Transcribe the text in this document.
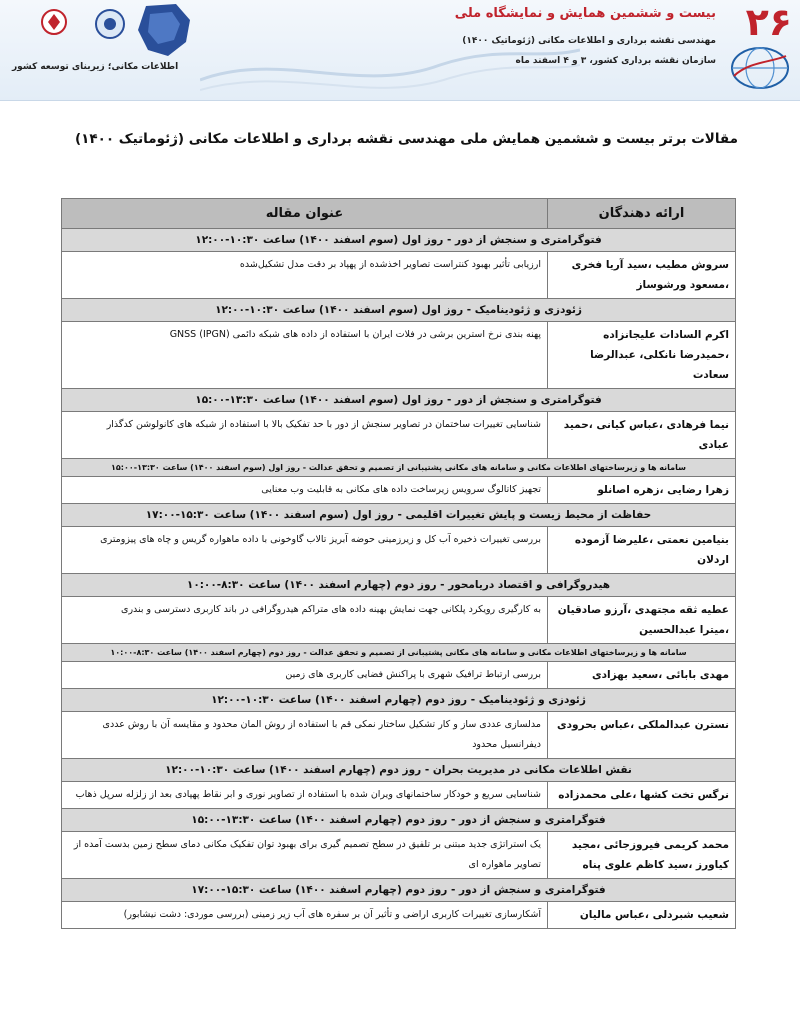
۲۶
بیست و ششمین همایش و نمایشگاه ملی
مهندسی نقشه برداری و اطلاعات مکانی (ژئوماتیک ۱۴۰۰)
سازمان نقشه برداری کشور، ۳ و ۴ اسفند ماه
اطلاعات مکانی؛ زیربنای توسعه کشور
مقالات برتر بیست و ششمین همایش ملی مهندسی نقشه برداری و اطلاعات مکانی (ژئوماتیک ۱۴۰۰)
ارائه دهندگان	عنوان مقاله
فتوگرامتری و سنجش از دور - روز اول (سوم اسفند ۱۴۰۰) ساعت ۱۰:۳۰-۱۲:۰۰	
سروش مطیب ،سید آریا فخری ،مسعود ورشوساز	ارزیابی تأثیر بهبود کنتراست تصاویر اخذشده از پهپاد بر دقت مدل تشکیل‌شده
ژئودزی و ژئودینامیک - روز اول (سوم اسفند ۱۴۰۰) ساعت ۱۰:۳۰-۱۲:۰۰	
اکرم السادات علیجانزاده ،حمیدرضا نانکلی، عبدالرضا سعادت	پهنه بندی نرخ استرین برشی در فلات ایران با استفاده از داده های شبکه دائمی GNSS (IPGN)
فتوگرامتری و سنجش از دور - روز اول (سوم اسفند ۱۴۰۰) ساعت ۱۳:۳۰-۱۵:۰۰	
نیما فرهادی ،عباس کیانی ،حمید عبادی	شناسایی تغییرات ساختمان در تصاویر سنجش از دور با حد تفکیک بالا با استفاده از شبکه های کانولوشن کدگذار
سامانه ها و زیرساختهای اطلاعات مکانی و سامانه های مکانی پشتیبانی از تصمیم و تحقق عدالت - روز اول (سوم اسفند ۱۴۰۰) ساعت ۱۳:۳۰-۱۵:۰۰	
زهرا رضایی ،زهره اصانلو	تجهیز کاتالوگ سرویس زیرساخت داده های مکانی به قابلیت وب معنایی
حفاظت از محیط زیست و پایش تغییرات اقلیمی - روز اول (سوم اسفند ۱۴۰۰) ساعت ۱۵:۳۰-۱۷:۰۰	
بنیامین نعمتی ،علیرضا آزموده اردلان	بررسی تغییرات ذخیره آب کل و زیرزمینی حوضه آبریز تالاب گاوخونی با داده ماهواره گریس و چاه های پیزومتری
هیدروگرافی و اقتصاد دریامحور - روز دوم (چهارم اسفند ۱۴۰۰) ساعت ۸:۳۰-۱۰:۰۰	
عطیه ثقه مجتهدی ،آرزو صادقیان ،میترا عبدالحسین	به کارگیری رویکرد پلکانی جهت نمایش بهینه داده های متراکم هیدروگرافی در باند کاربری دسترسی و بندری
سامانه ها و زیرساختهای اطلاعات مکانی و سامانه های مکانی پشتیبانی از تصمیم و تحقق عدالت - روز دوم (چهارم اسفند ۱۴۰۰) ساعت ۸:۳۰-۱۰:۰۰	
مهدی بابائی ،سعید بهزادی	بررسی ارتباط ترافیک شهری با پراکنش فضایی کاربری های زمین
ژئودزی و ژئودینامیک - روز دوم (چهارم اسفند ۱۴۰۰) ساعت ۱۰:۳۰-۱۲:۰۰	
نسترن عبدالملکی ،عباس بحرودی	مدلسازی عددی ساز و کار تشکیل ساختار نمکی قم با استفاده از روش المان محدود و مقایسه آن با روش عددی دیفرانسیل محدود
نقش اطلاعات مکانی در مدیریت بحران - روز دوم (چهارم اسفند ۱۴۰۰) ساعت ۱۰:۳۰-۱۲:۰۰	
نرگس تخت کشها ،علی محمدزاده	شناسایی سریع و خودکار ساختمانهای ویران شده با استفاده از تصاویر نوری و ابر نقاط پهپادی بعد از زلزله سرپل ذهاب
فتوگرامتری و سنجش از دور - روز دوم (چهارم اسفند ۱۴۰۰) ساعت ۱۳:۳۰-۱۵:۰۰	
محمد کریمی فیروزجائی ،مجید کیاورز ،سید کاظم علوی پناه	یک استراتژی جدید مبتنی بر تلفیق در سطح تصمیم گیری برای بهبود توان تفکیک مکانی دمای سطح زمین بدست آمده از تصاویر ماهواره ای
فتوگرامتری و سنجش از دور - روز دوم (چهارم اسفند ۱۴۰۰) ساعت ۱۵:۳۰-۱۷:۰۰	
شعیب شبردلی ،عباس مالیان	آشکارسازی تغییرات کاربری اراضی و تأثیر آن بر سفره های آب زیر زمینی (بررسی موردی: دشت نیشابور)
